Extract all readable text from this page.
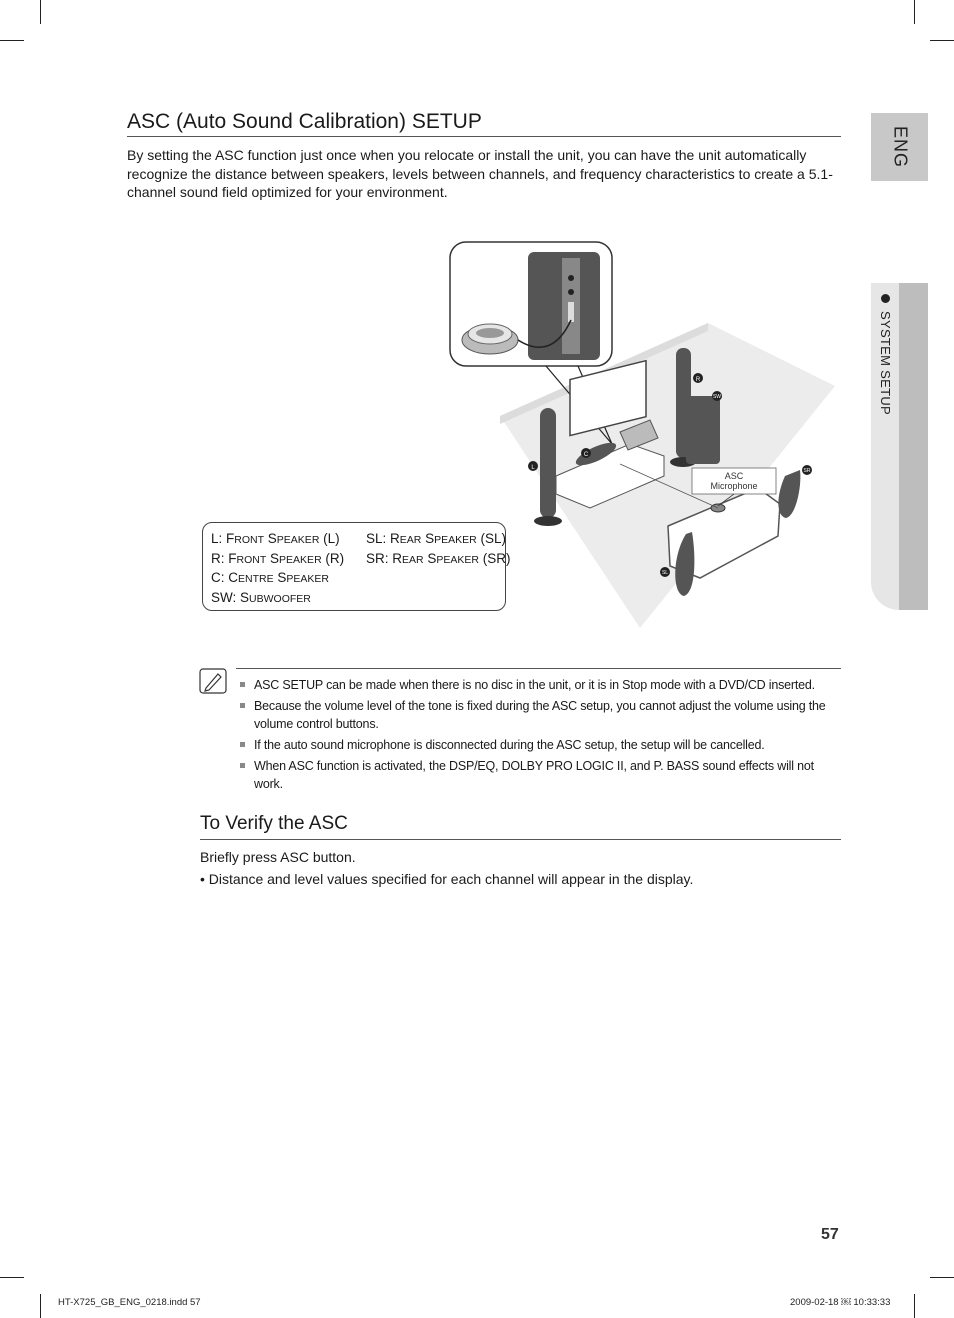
ASC (Auto Sound Calibration) SETUP

By setting the ASC function just once when you relocate or install the unit, you can have the unit automatically recognize the distance between speakers, levels between channels, and frequency characteristics to create a 5.1-channel sound field optimized for your environment.

ENG
SYSTEM SETUP
ASC
Microphone
L
C
R
SW
SR
SL
L: FRONT SPEAKER (L)
R: FRONT SPEAKER (R)
C: CENTRE SPEAKER
SW: SUBWOOFER
SL: REAR SPEAKER (SL)
SR: REAR SPEAKER (SR)
ASC SETUP can be made when there is no disc in the unit, or it is in Stop mode with a DVD/CD inserted.
Because the volume level of the tone is fixed during the ASC setup, you cannot adjust the volume using the volume control buttons.
If the auto sound microphone is disconnected during the ASC setup, the setup will be cancelled.
When ASC function is activated, the DSP/EQ, DOLBY PRO LOGIC II, and P. BASS sound effects will not work.
To Verify the ASC

Briefly press ASC button.

• Distance and level values specified for each channel will appear in the display.

57
HT-X725_GB_ENG_0218.indd 57	2009-02-18 ￼ 10:33:33
